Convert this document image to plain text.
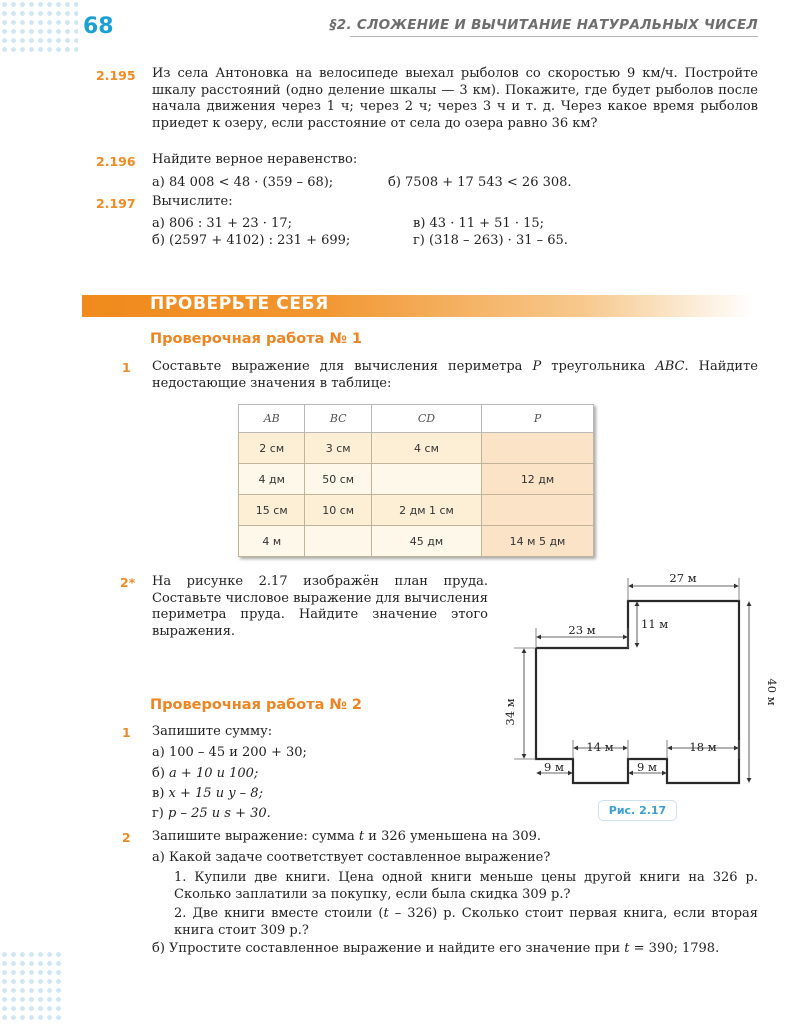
68	§2. СЛОЖЕНИЕ И ВЫЧИТАНИЕ НАТУРАЛЬНЫХ ЧИСЕЛ
2.195 Из села Антоновка на велосипеде выехал рыболов со скоростью 9 км/ч. Постройте шкалу расстояний (одно деление шкалы — 3 км). Покажите, где будет рыболов после начала движения через 1 ч; через 2 ч; через 3 ч и т. д. Через какое время рыболов приедет к озеру, если расстояние от села до озера равно 36 км?
2.196 Найдите верное неравенство:
а) 84 008 < 48 · (359 – 68);	б) 7508 + 17 543 < 26 308.
2.197 Вычислите:
а) 806 : 31 + 23 · 17;	в) 43 · 11 + 51 · 15;
б) (2597 + 4102) : 231 + 699;	г) (318 – 263) · 31 – 65.
ПРОВЕРЬТЕ СЕБЯ
Проверочная работа № 1
1 Составьте выражение для вычисления периметра P треугольника ABC. Найдите недостающие значения в таблице:
AB	BC	CD	P
2 см	3 см	4 см	
4 дм	50 см		12 дм
15 см	10 см	2 дм 1 см	
4 м		45 дм	14 м 5 дм
2* На рисунке 2.17 изображён план пруда. Составьте числовое выражение для вычисления периметра пруда. Найдите значение этого выражения.
27 м
23 м	11 м
40 м
34 м
14 м	18 м
9 м	9 м
Рис. 2.17
Проверочная работа № 2
1 Запишите сумму:
а) 100 – 45 и 200 + 30;
б) a + 10 и 100;
в) x + 15 и y – 8;
г) p – 25 и s + 30.
2 Запишите выражение: сумма t и 326 уменьшена на 309.
а) Какой задаче соответствует составленное выражение?
1. Купили две книги. Цена одной книги меньше цены другой книги на 326 р. Сколько заплатили за покупку, если была скидка 309 р.?
2. Две книги вместе стоили (t – 326) р. Сколько стоит первая книга, если вторая книга стоит 309 р.?
б) Упростите составленное выражение и найдите его значение при t = 390; 1798.
